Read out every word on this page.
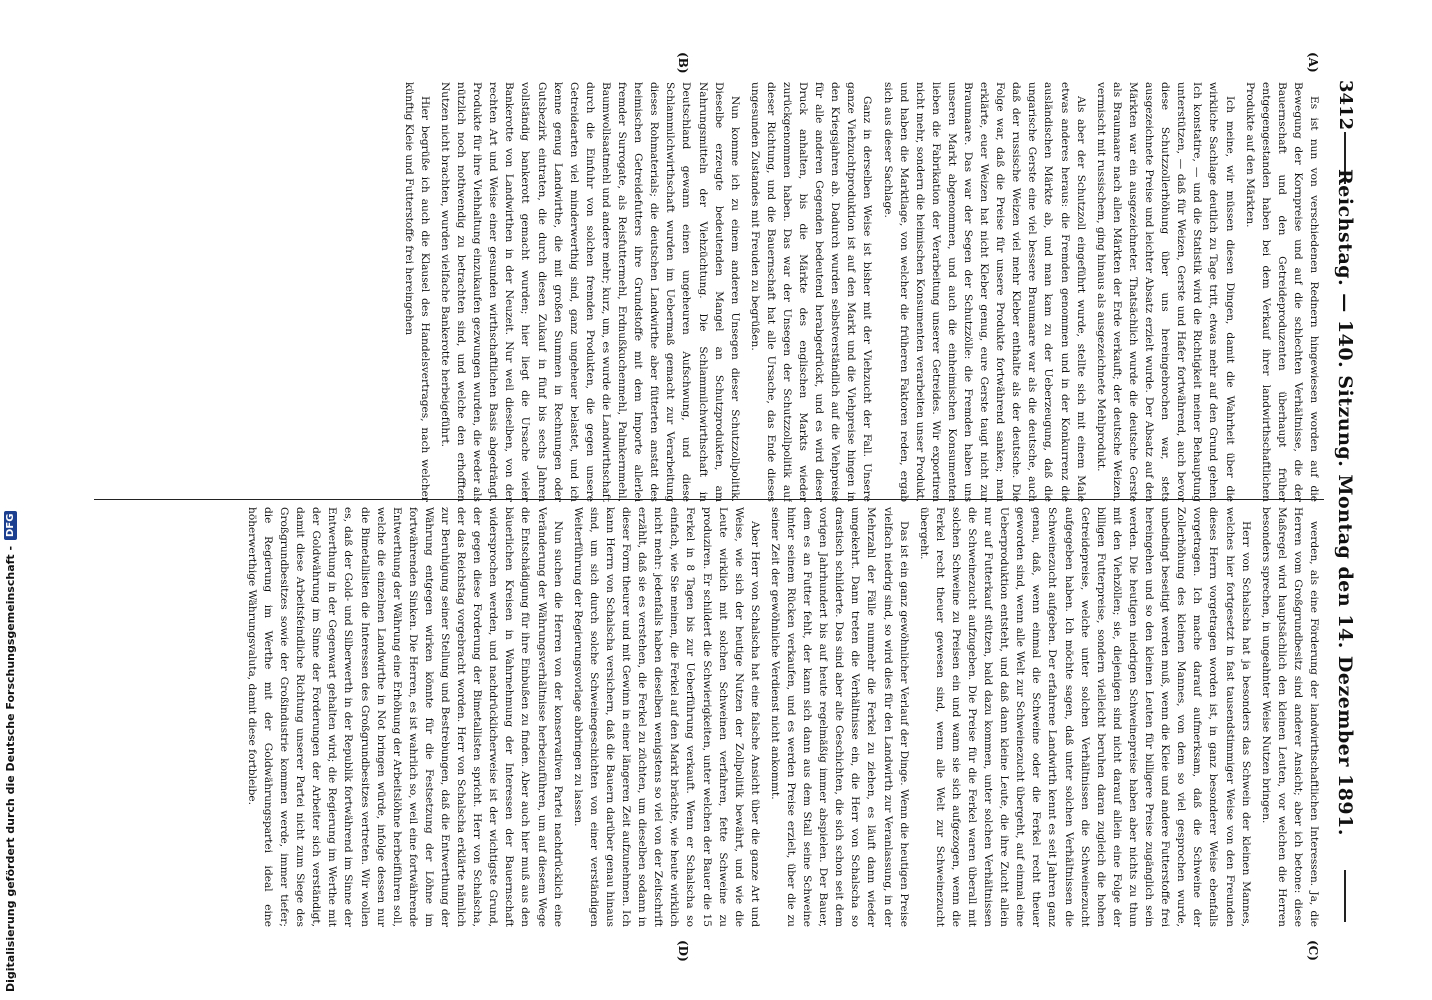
3412
Reichstag. — 140. Sitzung. Montag den 14. Dezember 1891.
(A)
(B)
(C)
(D)

Es ist nun von verschiedenen Rednern hingewiesen worden auf die Bewegung der Kornpreise und auf die schlechten Verhältnisse, die der Bauernschaft und den Getreideproduzenten überhaupt früher entgegengestanden haben bei dem Verkauf ihrer landwirthschaftlichen Produkte auf den Märkten.

Ich meine, wir müssen diesen Dingen, damit die Wahrheit über die wirkliche Sachlage deutlich zu Tage tritt, etwas mehr auf den Grund gehen. Ich konstatire, — und die Statistik wird die Richtigkeit meiner Behauptung unterstützen, — daß für Weizen, Gerste und Hafer fortwährend, auch bevor diese Schutzzollerhöhung über uns hereingebrochen war, stets ausgezeichnete Preise und leichter Absatz erzielt wurde. Der Absatz auf den Märkten war ein ausgezeichneter. Thatsächlich wurde die deutsche Gerste als Braumaare nach allen Märkten der Erde verkauft; der deutsche Weizen, vermischt mit russischem, ging hinaus als ausgezeichnete Mehlprodukt.

Als aber der Schutzzoll eingeführt wurde, stellte sich mit einem Male etwas anderes heraus: die Fremden genommen und in der Konkurrenz die ausländischen Märkte ab, und man kam zu der Ueberzeugung, daß die ungarische Gerste eine viel bessere Braumaare war als die deutsche, auch daß der russische Weizen viel mehr Kleber enthalte als der deutsche. Die Folge war, daß die Preise für unsere Produkte fortwährend sanken; man erklärte, euer Weizen hat nicht Kleber genug, eure Gerste taugt nicht zur Braumaare. Das war der Segen der Schutzzölle: die Fremden haben uns unseren Markt abgenommen, und auch die einheimischen Konsumenten lieben die Fabrikation der Verarbeitung unserer Getreides. Wir exportiren nicht mehr, sondern die heimischen Konsumenten verarbeiten unser Produkt, und haben die Marktlage, von welcher die früheren Faktoren reden, ergab sich aus dieser Sachlage.

Ganz in derselben Weise ist bisher mit der Viehzucht der Fall. Unsere ganze Viehzuchtproduktion ist auf den Markt und die Viehpreise hingen in den Kriegsjahren ab. Dadurch wurden selbstverständlich auf die Viehpreise für alle anderen Gegenden bedeutend herabgedrückt, und es wird dieser Druck anhalten, bis die Märkte des englischen Markts wieder zurückgenommen haben. Das war der Unsegen der Schutzzollpolitik auf dieser Richtung, und die Bauernschaft hat alle Ursache, das Ende dieses ungesunden Zustandes mit Freuden zu begrüßen.

Nun komme ich zu einem anderen Unsegen dieser Schutzzollpolitik. Dieselbe erzeugte bedeutenden Mangel an Schutzprodukten, am Nahrungsmitteln der Viehzüchtung. Die Schlammilchwirthschaft in Deutschland gewann einen ungeheuren Aufschwung, und diese Schlammilchwirthschaft wurden im Uebermaß gemacht zur Verarbeitung dieses Rohmaterials; die deutschen Landwirthe aber fütterten anstatt des heimischen Getreidefutters ihre Grundstoffe mit dem Importe allerlei fremder Surrogate, als Reisfuttermehl, Erdnußkuchenmehl, Palmkernmehl, Baumwollsaatmehl und andere mehr; kurz, um, es wurde die Landwirthschaft durch die Einfuhr von solchen fremden Produkten, die gegen unsere Getreidearten viel minderwerthig sind, ganz ungeheuer belastet, und ich kenne genug Landwirthe, die mit großen Summen in Rechnungen oder Gutsbezirk eintraten, die durch diesen Zukauf in fünf bis sechs Jahren vollständig bankerott gemacht wurden; hier liegt die Ursache vieler Bankerotte von Landwirthen in der Neuzeit. Nur weil dieselben, von der rechten Art und Weise einer gesunden wirthschaftlichen Basis abgedrängt, Produkte für ihre Viehhaltung einzukaufen gezwungen wurden, die weder als nützlich noch nothwendig zu betrachten sind, und welche den erhofften Nutzen nicht brachten, wurden vielfache Bankerotte herbeigeführt.

Hier begrüße ich auch die Klausel des Handelsvertrages, nach welcher künftig Kleie und Futterstoffe frei hereingehen

werden, als eine Förderung der landwirthschaftlichen Interessen. Ja, die Herren vom Großgrundbesitz sind anderer Ansicht; aber ich betone: diese Maßregel wird hauptsächlich den kleinen Leuten, vor welchen die Herren besonders sprechen, in ungeahnter Weise Nutzen bringen.

Herr von Schalscha hat ja besonders das Schwein der kleinen Mannes, welches hier fortgesetzt in fast tausendstimmiger Weise von den Freunden dieses Herrn vorgetragen worden ist, in ganz besonderer Weise ebenfalls vorgetragen. Ich mache darauf aufmerksam, daß die Schweine der Zollerhöhung des kleinen Mannes, von dem so viel gesprochen wurde, unbedingt beseitigt werden muß, wenn die Kleie und andere Futterstoffe frei hereingehen und so den kleinen Leuten für billigere Preise zugänglich sein werden. Die heutigen niedrigen Schweinepreise haben aber nichts zu thun mit den Viehzöllen; sie, diejenigen sind nicht darauf allein eine Folge der billigen Futterpreise, sondern vielleicht beruhen daran zugleich die hohen Getreidepreise, welche unter solchen Verhältnissen die Schweinezucht aufgegeben haben. Ich möchte sagen, daß unter solchen Verhältnissen die Schweinezucht aufgeben. Der erfahrene Landwirth kennt es seit Jahren ganz genau, daß, wenn einmal die Schweine oder die Ferkel recht theuer geworden sind, wenn alle Welt zur Schweinezucht übergeht, auf einmal eine Ueberproduktion entsteht, und daß dann kleine Leute, die ihre Zucht allein nur auf Futterkauf stützen, bald dazu kommen, unter solchen Verhältnissen die Schweinezucht aufzugeben. Die Preise für die Ferkel waren überall mit solchen Schweine zu Preisen ein und wann sie sich aufgezogen, wenn die Ferkel recht theuer gewesen sind, wenn alle Welt zur Schweinezucht übergeht.

Das ist ein ganz gewöhnlicher Verlauf der Dinge. Wenn die heutigen Preise vielfach niedrig sind, so wird dies für den Landwirth zur Veranlassung, in der Mehrzahl der Fälle nunmehr die Ferkel zu ziehen, es läuft dann wieder umgekehrt. Dann treten die Verhältnisse ein, die Herr von Schalscha so drastisch schilderte. Das sind aber alte Geschichten, die sich schon seit dem vorigen Jahrhundert bis auf heute regelmäßig immer abspielen. Der Bauer, dem es an Futter fehlt, der kann sich dann aus dem Stall seine Schweine hinter seinem Rücken verkaufen, und es werden Preise erzielt, über die zu seiner Zeit der gewöhnliche Verdienst nicht ankommt.

Aber Herr von Schalscha hat eine falsche Ansicht über die ganze Art und Weise, wie sich der heutige Nutzen der Zollpolitik bewährt, und wie die Leute wirklich mit solchen Schweinen verfahren, fette Schweine zu produziren. Er schildert die Schwierigkeiten, unter welchen der Bauer die 15 Ferkel in 8 Tagen bis zur Ueberführung verkauft. Wenn er Schalscha so einfach, wie Sie meinen, die Ferkel auf den Markt brächte, wie heute wirklich nicht mehr: jedenfalls haben dieselben wenigstens so viel von der Zeitschrift erzählt, daß sie es verstehen, die Ferkel zu züchten, um dieselben sodann in dieser Form theurer und mit Gewinn in einer längeren Zeit aufzunehmen. Ich kann Herrn von Schalscha versichern, daß die Bauern darüber genau hinaus sind, um sich durch solche Schweinegeschichten von einer verständigen Weiterführung der Regierungsvorlage abbringen zu lassen.

Nun suchen die Herren von der konservativen Partei nachdrücklich eine Veränderung der Währungsverhältnisse herbeizuführen, um auf diesem Wege die Entschädigung für ihre Einbußen zu finden. Aber auch hier muß aus den bäuerlichen Kreisen in Wahrnehmung der Interessen der Bauernschaft widersprochen werden, und nachdrücklicherweise ist der wichtigste Grund, der gegen diese Forderung der Bimetallisten spricht. Herr von Schalscha, der das Reichstag vorgebracht worden. Herr von Schalscha erklärte nämlich zur Beruhigung seiner Stellung und Bestrebungen, daß die Entwerthung der Währung entgegen wirken könnte für die Festsetzung der Löhne im fortwährenden Sinken. Die Herren, es ist wahrlich so, weil eine fortwährende Entwerthung der Währung eine Erhöhung der Arbeitslöhne herbeiführen soll, welche die einzelnen Landwirthe in Not bringen würde, infolge dessen nur die Bimetallisten die Interessen des Großgrundbesitzes vertreten. Wir wollen es, daß der Gold- und Silberwerth in der Republik fortwährend im Sinne der Entwerthung in der Gegenwart gehalten wird; die Regierung im Werthe mit der Goldwährung im Sinne der Forderungen der Arbeiter sich verständigt, damit diese Arbeitsfeindliche Richtung unserer Partei nicht zum Siege des Großgrundbesitzes sowie der Großindustrie kommen werde, immer tiefer; die Regierung im Werthe mit der Goldwährungspartei ideal eine höherwerthige Währungsvaluta, damit diese fortbleibe.

Digitalisierung gefördert durch die Deutsche Forschungsgemeinschaft -
DFG
